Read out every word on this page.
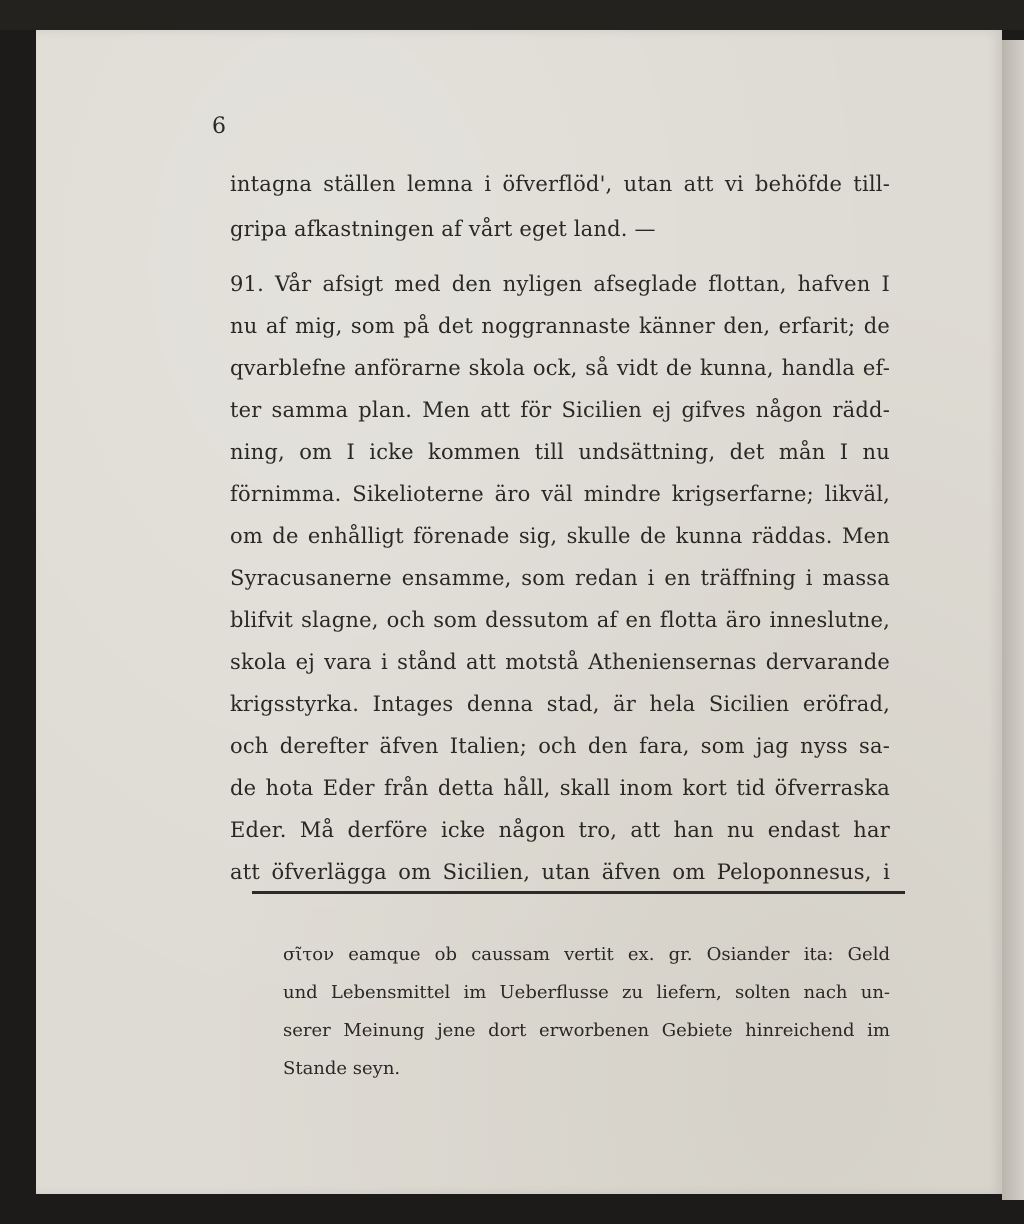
6
intagna ställen lemna i öfverflöd', utan att vi behöfde till-
gripa afkastningen af vårt eget land. —
91. Vår afsigt med den nyligen afseglade flottan, hafven I
nu af mig, som på det noggrannaste känner den, erfarit; de
qvarblefne anförarne skola ock, så vidt de kunna, handla ef-
ter samma plan. Men att för Sicilien ej gifves någon rädd-
ning, om I icke kommen till undsättning, det mån I nu
förnimma. Sikelioterne äro väl mindre krigserfarne; likväl,
om de enhålligt förenade sig, skulle de kunna räddas. Men
Syracusanerne ensamme, som redan i en träffning i massa
blifvit slagne, och som dessutom af en flotta äro inneslutne,
skola ej vara i stånd att motstå Atheniensernas dervarande
krigsstyrka. Intages denna stad, är hela Sicilien eröfrad,
och derefter äfven Italien; och den fara, som jag nyss sa-
de hota Eder från detta håll, skall inom kort tid öfverraska
Eder. Må derföre icke någon tro, att han nu endast har
att öfverlägga om Sicilien, utan äfven om Peloponnesus, i
σῖτον eamque ob caussam vertit ex. gr. Osiander ita: Geld
und Lebensmittel im Ueberflusse zu liefern, solten nach un-
serer Meinung jene dort erworbenen Gebiete hinreichend im
Stande seyn.
